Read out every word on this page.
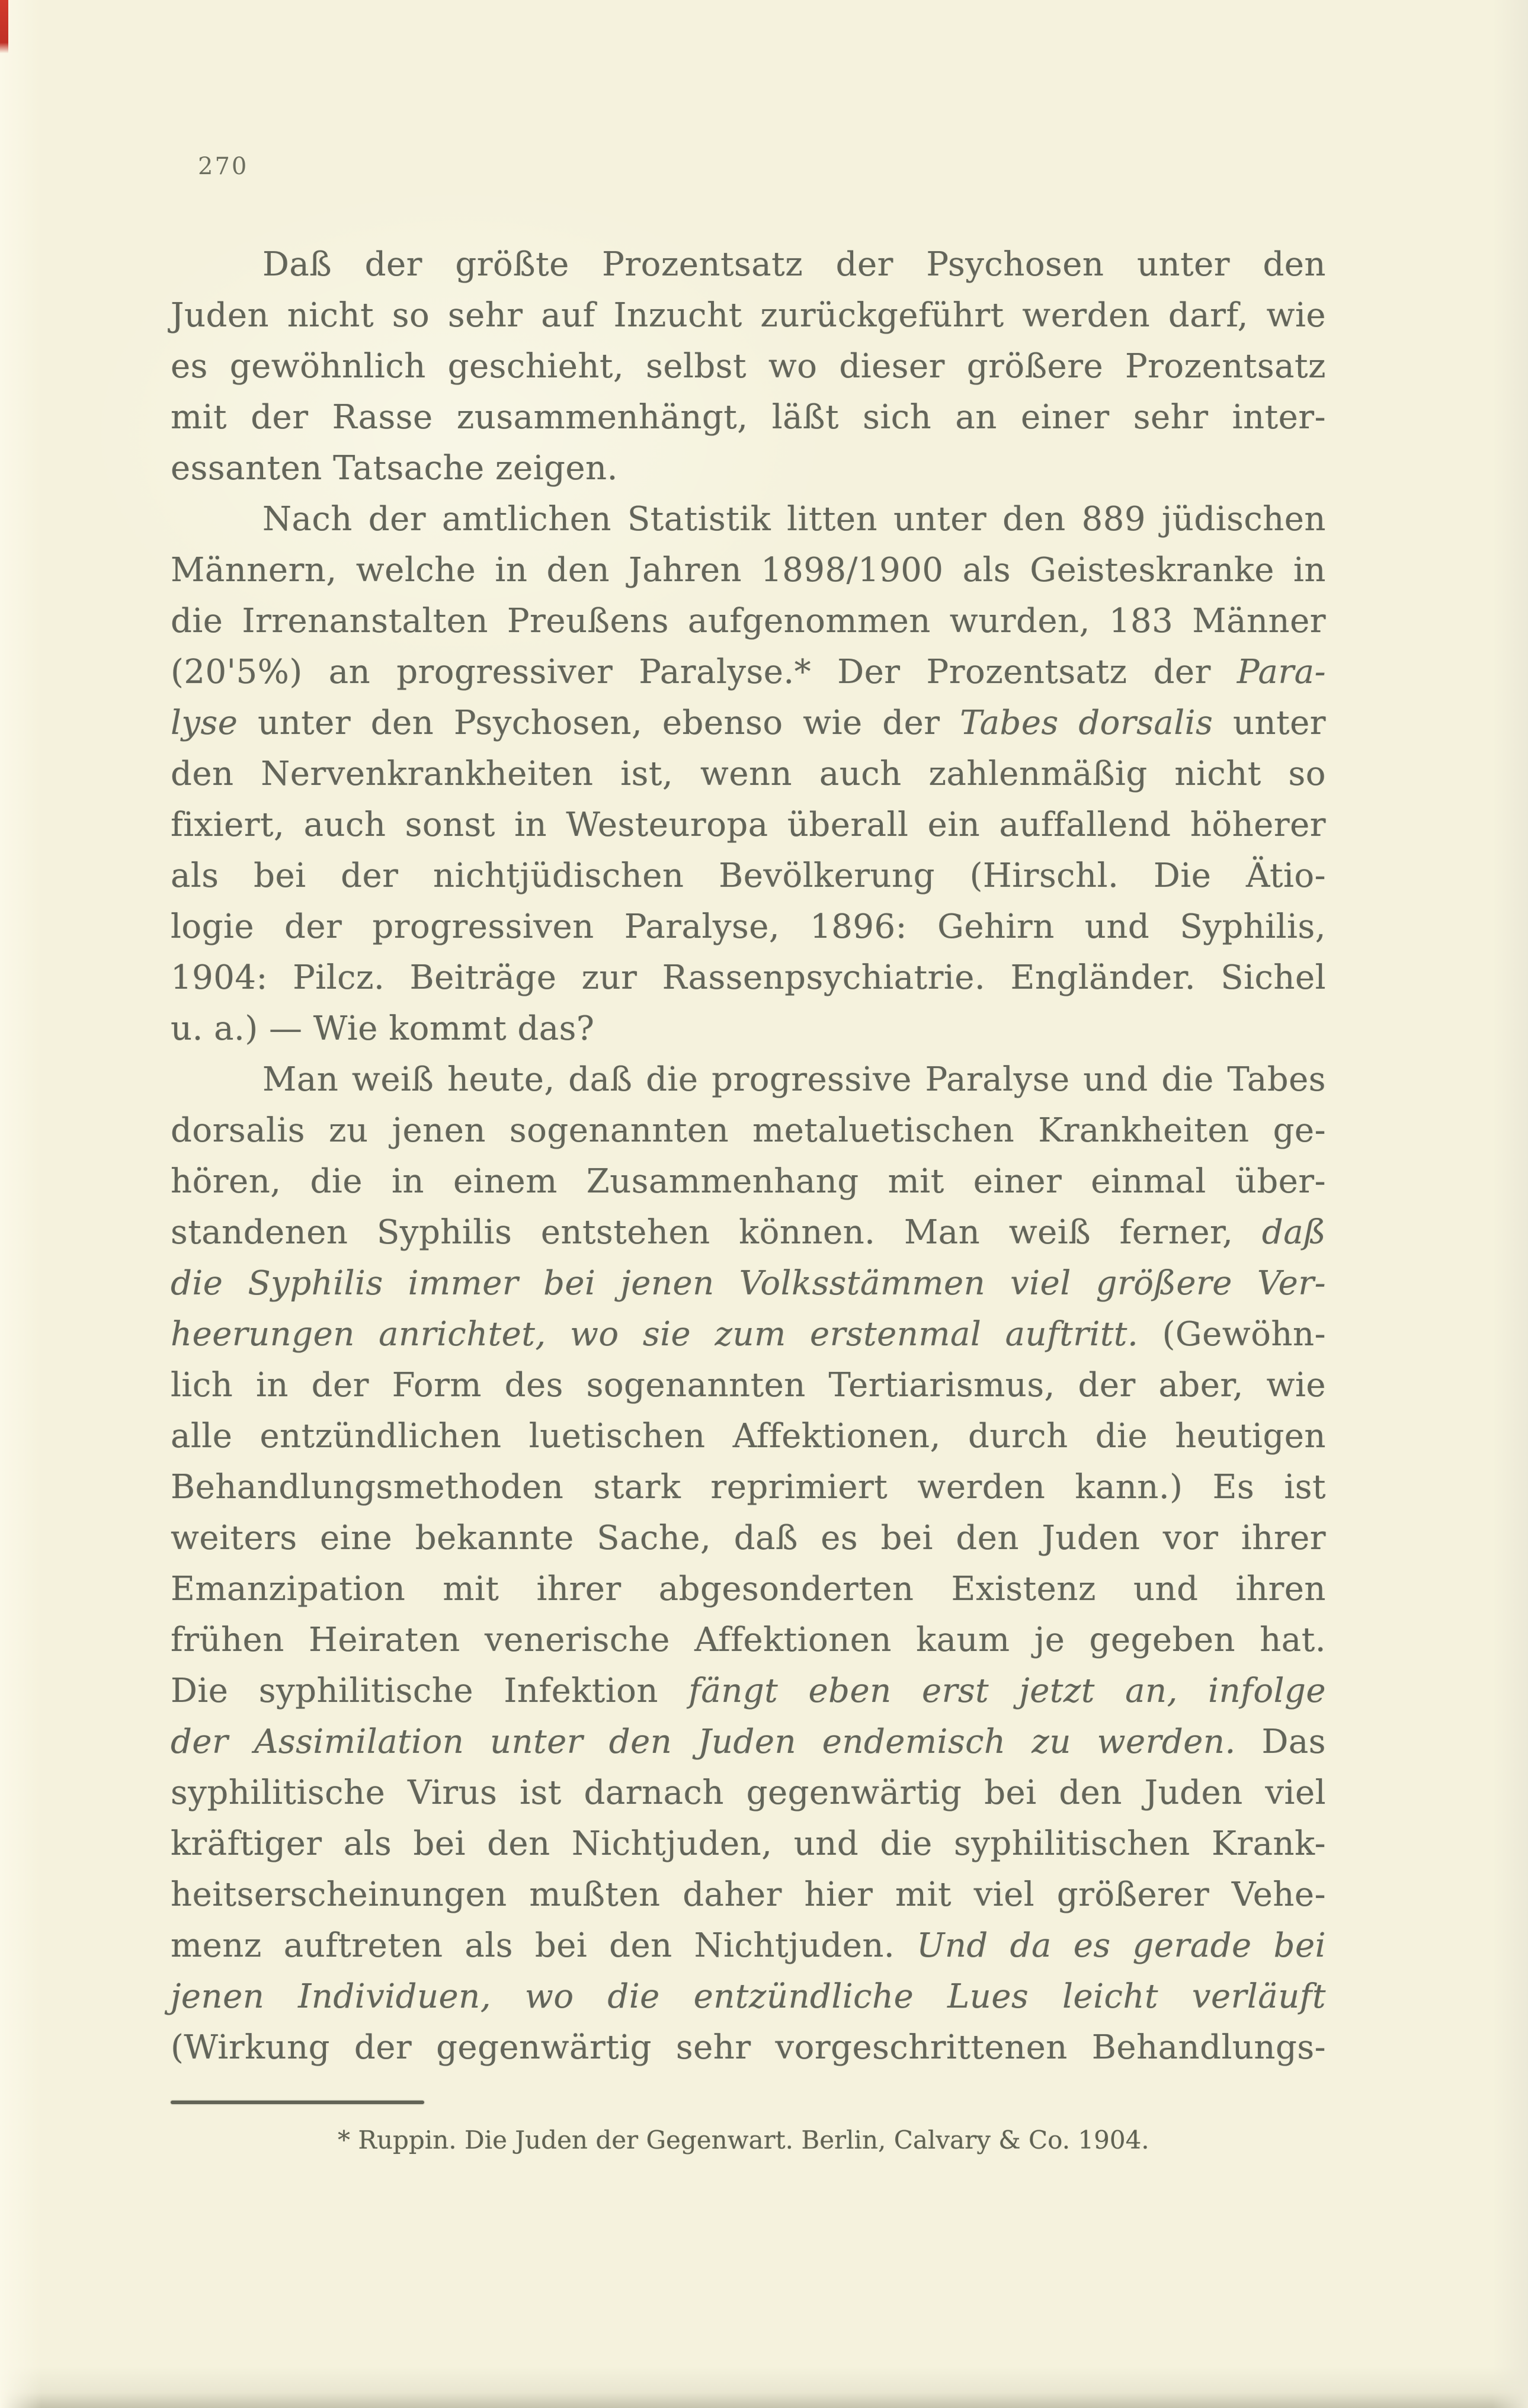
270
Daß der größte Prozentsatz der Psychosen unter den
Juden nicht so sehr auf Inzucht zurückgeführt werden darf, wie
es gewöhnlich geschieht, selbst wo dieser größere Prozentsatz
mit der Rasse zusammenhängt, läßt sich an einer sehr inter-
essanten Tatsache zeigen.
Nach der amtlichen Statistik litten unter den 889 jüdischen
Männern, welche in den Jahren 1898/1900 als Geisteskranke in
die Irrenanstalten Preußens aufgenommen wurden, 183 Männer
(20'5%) an progressiver Paralyse.* Der Prozentsatz der Para-
lyse unter den Psychosen, ebenso wie der Tabes dorsalis unter
den Nervenkrankheiten ist, wenn auch zahlenmäßig nicht so
fixiert, auch sonst in Westeuropa überall ein auffallend höherer
als bei der nichtjüdischen Bevölkerung (Hirschl. Die Ätio-
logie der progressiven Paralyse, 1896: Gehirn und Syphilis,
1904: Pilcz. Beiträge zur Rassenpsychiatrie. Engländer. Sichel
u. a.) — Wie kommt das?
Man weiß heute, daß die progressive Paralyse und die Tabes
dorsalis zu jenen sogenannten metaluetischen Krankheiten ge-
hören, die in einem Zusammenhang mit einer einmal über-
standenen Syphilis entstehen können. Man weiß ferner, daß
die Syphilis immer bei jenen Volksstämmen viel größere Ver-
heerungen anrichtet, wo sie zum erstenmal auftritt. (Gewöhn-
lich in der Form des sogenannten Tertiarismus, der aber, wie
alle entzündlichen luetischen Affektionen, durch die heutigen
Behandlungsmethoden stark reprimiert werden kann.) Es ist
weiters eine bekannte Sache, daß es bei den Juden vor ihrer
Emanzipation mit ihrer abgesonderten Existenz und ihren
frühen Heiraten venerische Affektionen kaum je gegeben hat.
Die syphilitische Infektion fängt eben erst jetzt an, infolge
der Assimilation unter den Juden endemisch zu werden. Das
syphilitische Virus ist darnach gegenwärtig bei den Juden viel
kräftiger als bei den Nichtjuden, und die syphilitischen Krank-
heitserscheinungen mußten daher hier mit viel größerer Vehe-
menz auftreten als bei den Nichtjuden. Und da es gerade bei
jenen Individuen, wo die entzündliche Lues leicht verläuft
(Wirkung der gegenwärtig sehr vorgeschrittenen Behandlungs-
* Ruppin. Die Juden der Gegenwart. Berlin, Calvary & Co. 1904.
